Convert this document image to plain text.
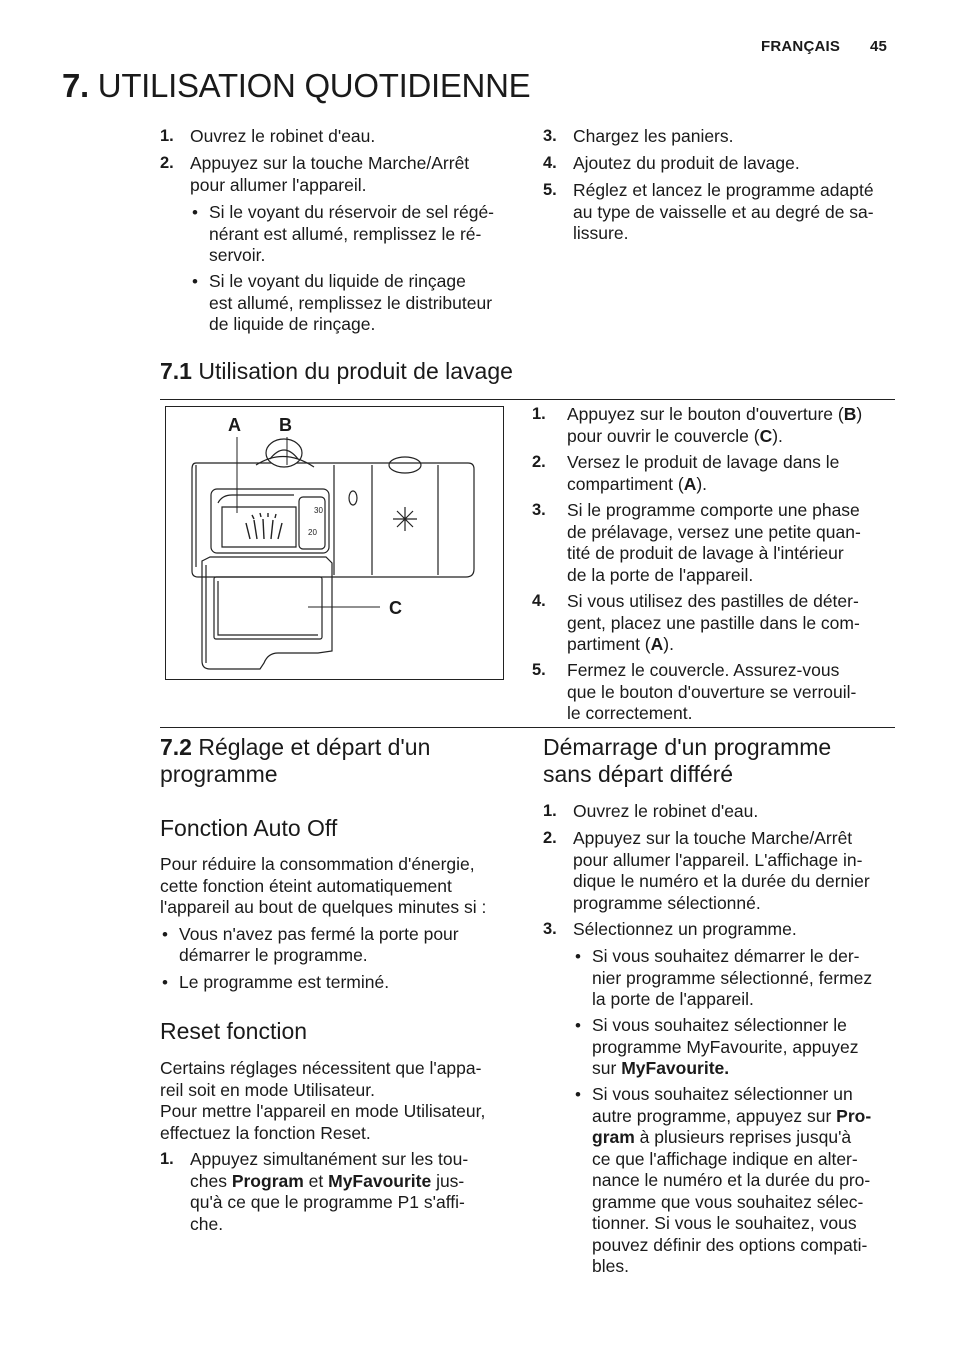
FRANÇAIS 45
7. UTILISATION QUOTIDIENNE
1. Ouvrez le robinet d'eau.
2. Appuyez sur la touche Marche/Arrêt
pour allumer l'appareil.
• Si le voyant du réservoir de sel régé-
nérant est allumé, remplissez le ré-
servoir.
• Si le voyant du liquide de rinçage
est allumé, remplissez le distributeur
de liquide de rinçage.
3. Chargez les paniers.
4. Ajoutez du produit de lavage.
5. Réglez et lancez le programme adapté
au type de vaisselle et au degré de sa-
lissure.
7.1 Utilisation du produit de lavage
30
20
A B
C
1. Appuyez sur le bouton d'ouverture (B)
pour ouvrir le couvercle (C).
2. Versez le produit de lavage dans le
compartiment (A).
3. Si le programme comporte une phase
de prélavage, versez une petite quan-
tité de produit de lavage à l'intérieur
de la porte de l'appareil.
4. Si vous utilisez des pastilles de déter-
gent, placez une pastille dans le com-
partiment (A).
5. Fermez le couvercle. Assurez-vous
que le bouton d'ouverture se verrouil-
le correctement.
7.2 Réglage et départ d'un
programme
Fonction Auto Off
Pour réduire la consommation d'énergie,
cette fonction éteint automatiquement
l'appareil au bout de quelques minutes si :
• Vous n'avez pas fermé la porte pour
démarrer le programme.
• Le programme est terminé.
Reset fonction
Certains réglages nécessitent que l'appa-
reil soit en mode Utilisateur.
Pour mettre l'appareil en mode Utilisateur,
effectuez la fonction Reset.
1. Appuyez simultanément sur les tou-
ches Program et MyFavourite jus-
qu'à ce que le programme P1 s'affi-
che.
Démarrage d'un programme
sans départ différé
1. Ouvrez le robinet d'eau.
2. Appuyez sur la touche Marche/Arrêt
pour allumer l'appareil. L'affichage in-
dique le numéro et la durée du dernier
programme sélectionné.
3. Sélectionnez un programme.
• Si vous souhaitez démarrer le der-
nier programme sélectionné, fermez
la porte de l'appareil.
• Si vous souhaitez sélectionner le
programme MyFavourite, appuyez
sur MyFavourite.
• Si vous souhaitez sélectionner un
autre programme, appuyez sur Pro-
gram à plusieurs reprises jusqu'à
ce que l'affichage indique en alter-
nance le numéro et la durée du pro-
gramme que vous souhaitez sélec-
tionner. Si vous le souhaitez, vous
pouvez définir des options compati-
bles.
